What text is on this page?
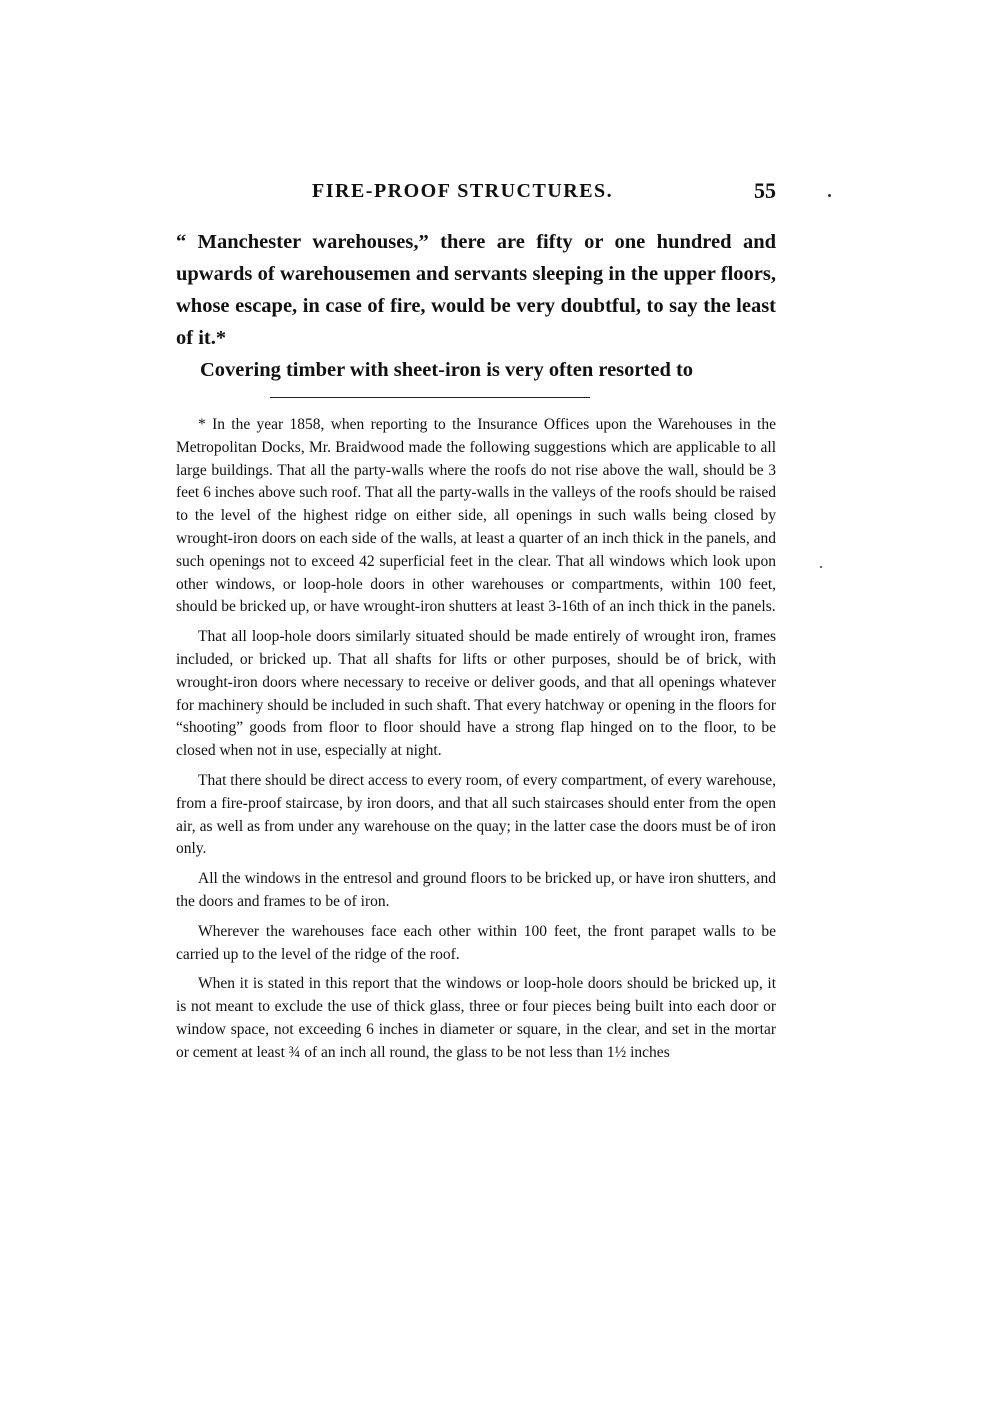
FIRE-PROOF STRUCTURES.	55

“ Manchester warehouses,” there are fifty or one hundred and upwards of warehousemen and servants sleeping in the upper floors, whose escape, in case of fire, would be very doubtful, to say the least of it.*

Covering timber with sheet-iron is very often resorted to

* In the year 1858, when reporting to the Insurance Offices upon the Warehouses in the Metropolitan Docks, Mr. Braidwood made the following suggestions which are applicable to all large buildings. That all the party-walls where the roofs do not rise above the wall, should be 3 feet 6 inches above such roof. That all the party-walls in the valleys of the roofs should be raised to the level of the highest ridge on either side, all openings in such walls being closed by wrought-iron doors on each side of the walls, at least a quarter of an inch thick in the panels, and such openings not to exceed 42 superficial feet in the clear. That all windows which look upon other windows, or loop-hole doors in other warehouses or compartments, within 100 feet, should be bricked up, or have wrought-iron shutters at least 3-16th of an inch thick in the panels.

That all loop-hole doors similarly situated should be made entirely of wrought iron, frames included, or bricked up. That all shafts for lifts or other purposes, should be of brick, with wrought-iron doors where necessary to receive or deliver goods, and that all openings whatever for machinery should be included in such shaft. That every hatchway or opening in the floors for “shooting” goods from floor to floor should have a strong flap hinged on to the floor, to be closed when not in use, especially at night.

That there should be direct access to every room, of every compartment, of every warehouse, from a fire-proof staircase, by iron doors, and that all such staircases should enter from the open air, as well as from under any warehouse on the quay; in the latter case the doors must be of iron only.

All the windows in the entresol and ground floors to be bricked up, or have iron shutters, and the doors and frames to be of iron.

Wherever the warehouses face each other within 100 feet, the front parapet walls to be carried up to the level of the ridge of the roof.

When it is stated in this report that the windows or loop-hole doors should be bricked up, it is not meant to exclude the use of thick glass, three or four pieces being built into each door or window space, not exceeding 6 inches in diameter or square, in the clear, and set in the mortar or cement at least ¾ of an inch all round, the glass to be not less than 1½ inches
